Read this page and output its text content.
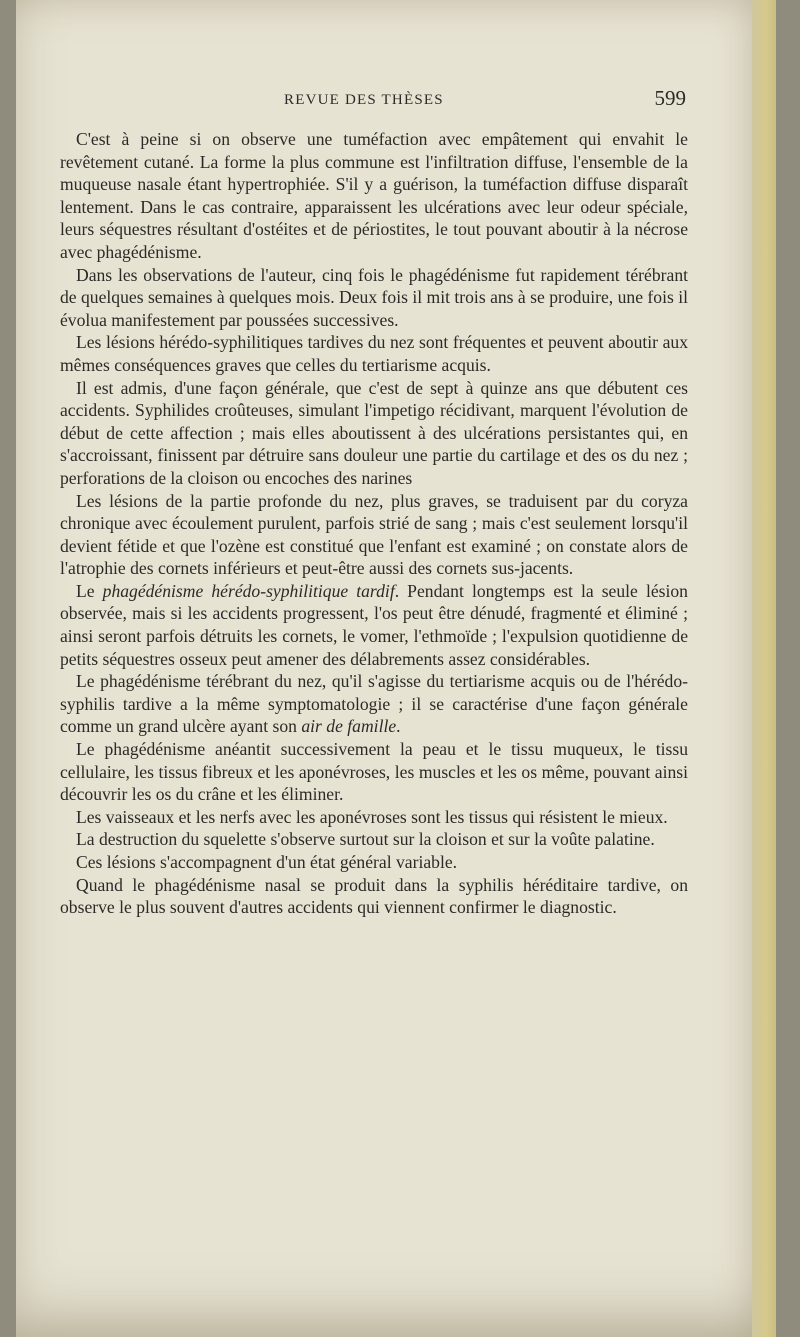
REVUE DES THÈSES	599

C'est à peine si on observe une tuméfaction avec empâtement qui envahit le revêtement cutané. La forme la plus commune est l'infiltration diffuse, l'ensemble de la muqueuse nasale étant hypertrophiée. S'il y a guérison, la tuméfaction diffuse disparaît lentement. Dans le cas contraire, apparaissent les ulcérations avec leur odeur spéciale, leurs séquestres résultant d'ostéites et de périostites, le tout pouvant aboutir à la nécrose avec phagédénisme.

Dans les observations de l'auteur, cinq fois le phagédénisme fut rapidement térébrant de quelques semaines à quelques mois. Deux fois il mit trois ans à se produire, une fois il évolua manifestement par poussées successives.

Les lésions hérédo-syphilitiques tardives du nez sont fréquentes et peuvent aboutir aux mêmes conséquences graves que celles du tertiarisme acquis.

Il est admis, d'une façon générale, que c'est de sept à quinze ans que débutent ces accidents. Syphilides croûteuses, simulant l'impetigo récidivant, marquent l'évolution de début de cette affection ; mais elles aboutissent à des ulcérations persistantes qui, en s'accroissant, finissent par détruire sans douleur une partie du cartilage et des os du nez ; perforations de la cloison ou encoches des narines

Les lésions de la partie profonde du nez, plus graves, se traduisent par du coryza chronique avec écoulement purulent, parfois strié de sang ; mais c'est seulement lorsqu'il devient fétide et que l'ozène est constitué que l'enfant est examiné ; on constate alors de l'atrophie des cornets inférieurs et peut-être aussi des cornets sus-jacents.

Le phagédénisme hérédo-syphilitique tardif. Pendant longtemps est la seule lésion observée, mais si les accidents progressent, l'os peut être dénudé, fragmenté et éliminé ; ainsi seront parfois détruits les cornets, le vomer, l'ethmoïde ; l'expulsion quotidienne de petits séquestres osseux peut amener des délabrements assez considérables.

Le phagédénisme térébrant du nez, qu'il s'agisse du tertiarisme acquis ou de l'hérédo-syphilis tardive a la même symptomatologie ; il se caractérise d'une façon générale comme un grand ulcère ayant son air de famille.

Le phagédénisme anéantit successivement la peau et le tissu muqueux, le tissu cellulaire, les tissus fibreux et les aponévroses, les muscles et les os même, pouvant ainsi découvrir les os du crâne et les éliminer.

Les vaisseaux et les nerfs avec les aponévroses sont les tissus qui résistent le mieux.

La destruction du squelette s'observe surtout sur la cloison et sur la voûte palatine.

Ces lésions s'accompagnent d'un état général variable.

Quand le phagédénisme nasal se produit dans la syphilis héréditaire tardive, on observe le plus souvent d'autres accidents qui viennent confirmer le diagnostic.
